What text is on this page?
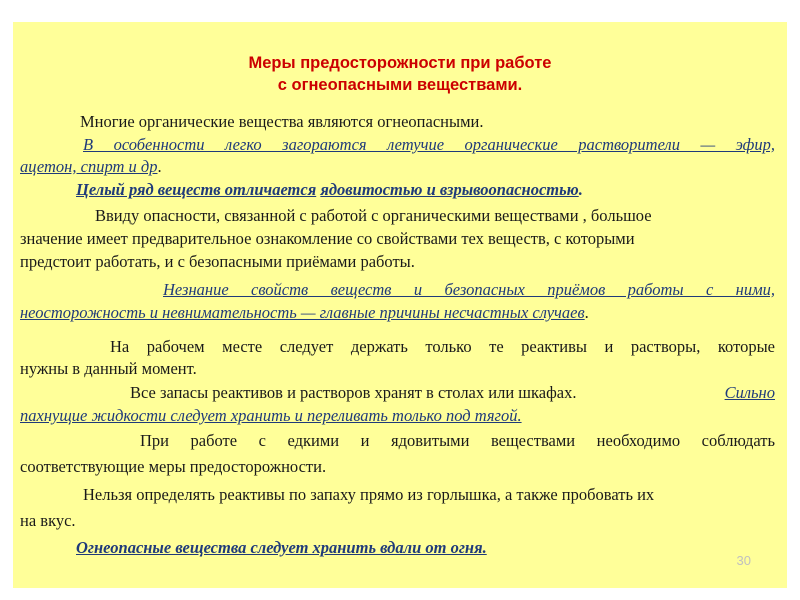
Меры предосторожности при работе
с огнеопасными веществами.
Многие органические вещества являются огнеопасными.
В особенности легко загораются летучие органические растворители — эфир,
ацетон, спирт и др.
Целый ряд веществ отличается ядовитостью и взрывоопасностью.
Ввиду опасности, связанной с работой с органическими веществами , большое
значение имеет предварительное ознакомление со свойствами тех веществ, с которыми
предстоит работать, и с безопасными приёмами работы.
Незнание свойств веществ и безопасных приёмов работы с ними,
неосторожность и невнимательность — главные причины несчастных случаев.
На рабочем месте следует держать только те реактивы и растворы, которые
нужны в данный момент.
Все запасы реактивов и растворов хранят в столах или шкафах.	Сильно
пахнущие жидкости следует хранить и переливать только под тягой.
При работе с едкими и ядовитыми веществами необходимо соблюдать
соответствующие меры предосторожности.
Нельзя определять реактивы по запаху прямо из горлышка, а также пробовать их
на вкус.
Огнеопасные вещества следует хранить вдали от огня.
30
